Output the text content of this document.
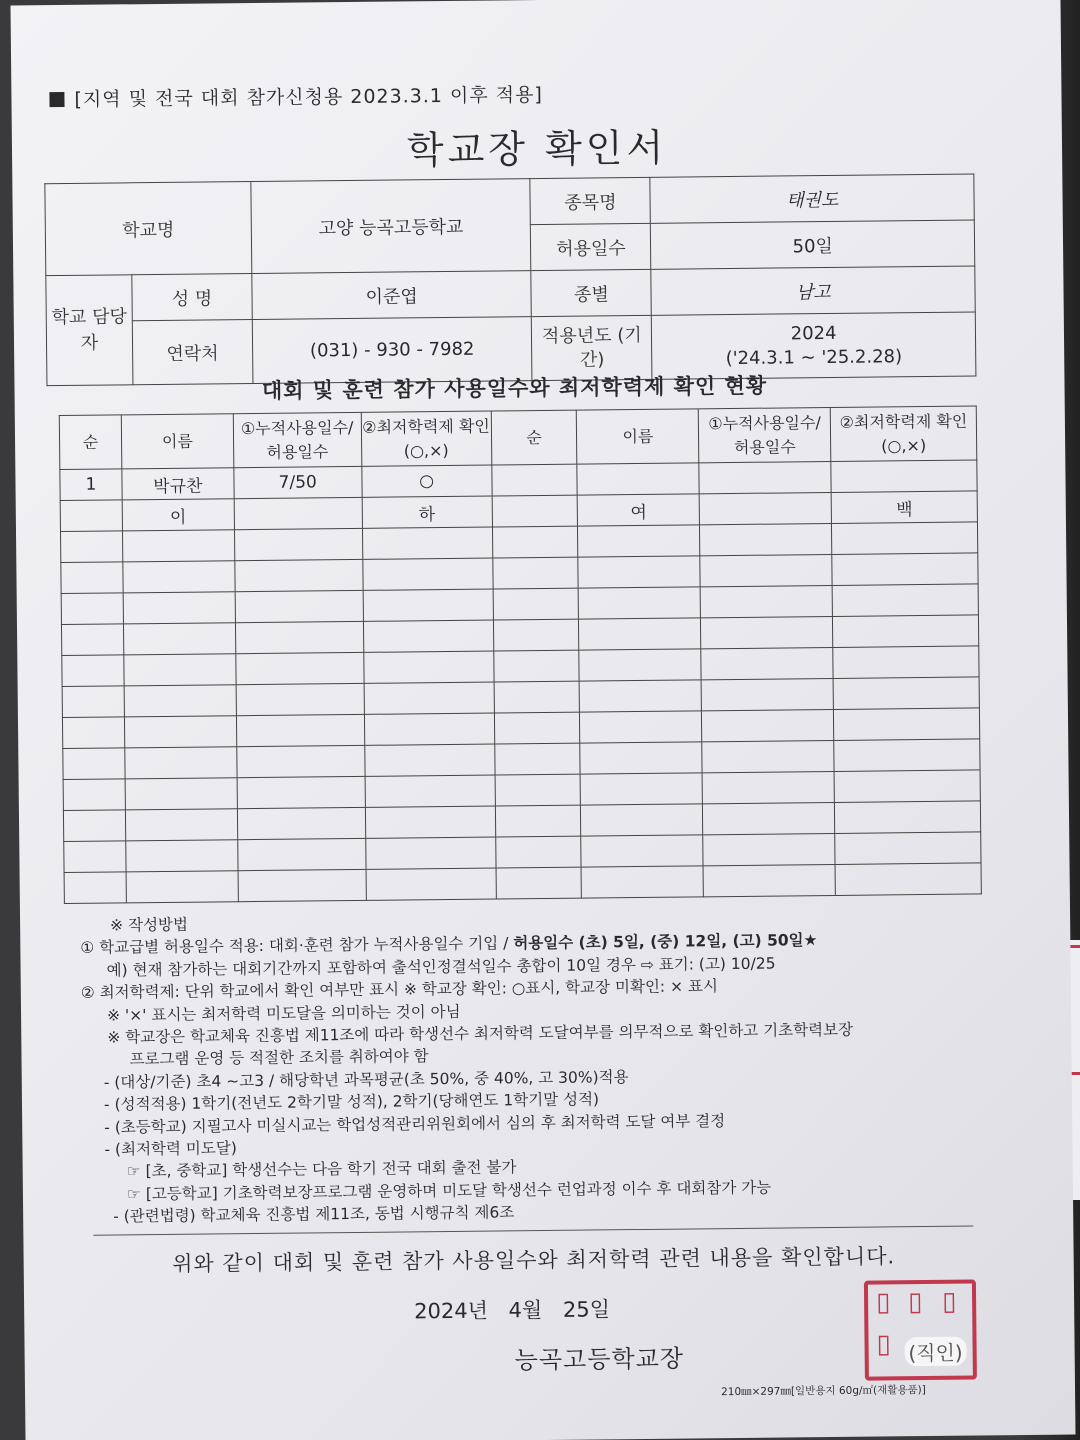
[지역 및 전국 대회 참가신청용 2023.3.1 이후 적용]
학교장 확인서
학교명		고양 능곡고등학교	종목명	태권도
			허용일수	50일
학교 담당자	성 명	이준엽	종별	남고
	연락처	(031) - 930 - 7982	적용년도 (기간)	2024
('24.3.1 ~ '25.2.28)
대회 및 훈련 참가 사용일수와 최저학력제 확인 현황
순	이름	①누적사용일수/ 허용일수	②최저학력제 확인(○,×)	순	이름	①누적사용일수/ 허용일수	②최저학력제 확인(○,×)
1	박규찬	7/50	○				
	이		하		여		백

※ 작성방법
① 학교급별 허용일수 적용: 대회·훈련 참가 누적사용일수 기입 / 허용일수 (초) 5일, (중) 12일, (고) 50일★
예) 현재 참가하는 대회기간까지 포함하여 출석인정결석일수 총합이 10일 경우 ⇨ 표기: (고) 10/25
② 최저학력제: 단위 학교에서 확인 여부만 표시 ※ 학교장 확인: ○표시, 학교장 미확인: × 표시
※ '×' 표시는 최저학력 미도달을 의미하는 것이 아님
※ 학교장은 학교체육 진흥법 제11조에 따라 학생선수 최저학력 도달여부를 의무적으로 확인하고 기초학력보장
프로그램 운영 등 적절한 조치를 취하여야 함
- (대상/기준) 초4 ~고3 / 해당학년 과목평균(초 50%, 중 40%, 고 30%)적용
- (성적적용) 1학기(전년도 2학기말 성적), 2학기(당해연도 1학기말 성적)
- (초등학교) 지필고사 미실시교는 학업성적관리위원회에서 심의 후 최저학력 도달 여부 결정
- (최저학력 미도달)
☞ [초, 중학교] 학생선수는 다음 학기 전국 대회 출전 불가
☞ [고등학교] 기초학력보장프로그램 운영하며 미도달 학생선수 런업과정 이수 후 대회참가 가능
- (관련법령) 학교체육 진흥법 제11조, 동법 시행규칙 제6조
위와 같이 대회 및 훈련 참가 사용일수와 최저학력 관련 내용을 확인합니다.
2024년 4월 25일
능곡고등학교장
▯ ▯ ▯
▯ (직인)
210㎜×297㎜[일반용지 60g/㎡(재활용품)]
